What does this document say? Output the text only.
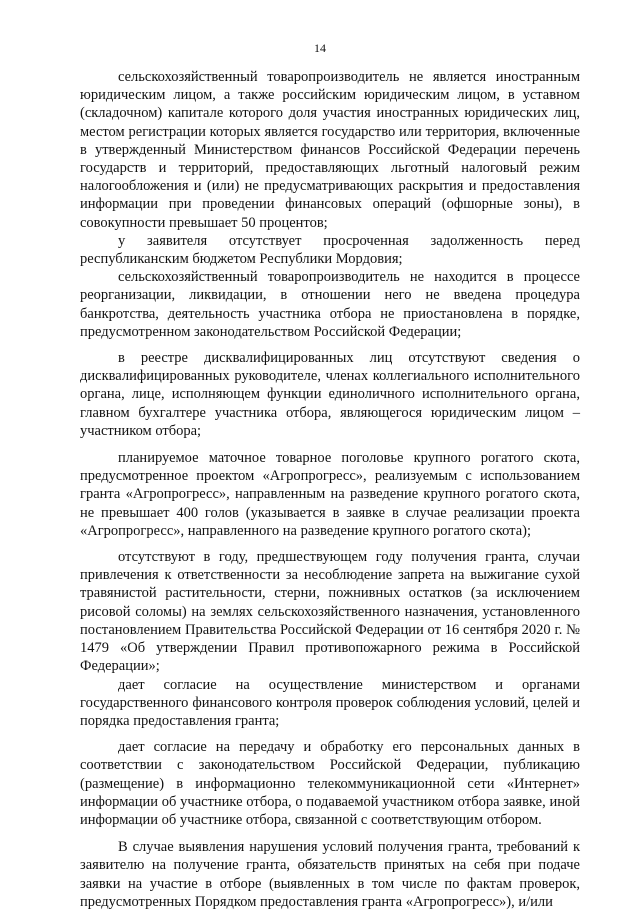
14

сельскохозяйственный товаропроизводитель не является иностранным юридическим лицом, а также российским юридическим лицом, в уставном (складочном) капитале которого доля участия иностранных юридических лиц, местом регистрации которых является государство или территория, включенные в утвержденный Министерством финансов Российской Федерации перечень государств и территорий, предоставляющих льготный налоговый режим налогообложения и (или) не предусматривающих раскрытия и предоставления информации при проведении финансовых операций (офшорные зоны), в совокупности превышает 50 процентов;

у заявителя отсутствует просроченная задолженность перед республиканским бюджетом Республики Мордовия;

сельскохозяйственный товаропроизводитель не находится в процессе реорганизации, ликвидации, в отношении него не введена процедура банкротства, деятельность участника отбора не приостановлена в порядке, предусмотренном законодательством Российской Федерации;

в реестре дисквалифицированных лиц отсутствуют сведения о дисквалифицированных руководителе, членах коллегиального исполнительного органа, лице, исполняющем функции единоличного исполнительного органа, главном бухгалтере участника отбора, являющегося юридическим лицом – участником отбора;

планируемое маточное товарное поголовье крупного рогатого скота, предусмотренное проектом «Агропрогресс», реализуемым с использованием гранта «Агропрогресс», направленным на разведение крупного рогатого скота, не превышает 400 голов (указывается в заявке в случае реализации проекта «Агропрогресс», направленного на разведение крупного рогатого скота);

отсутствуют в году, предшествующем году получения гранта, случаи привлечения к ответственности за несоблюдение запрета на выжигание сухой травянистой растительности, стерни, пожнивных остатков (за исключением рисовой соломы) на землях сельскохозяйственного назначения, установленного постановлением Правительства Российской Федерации от 16 сентября 2020 г. № 1479 «Об утверждении Правил противопожарного режима в Российской Федерации»;

дает согласие на осуществление министерством и органами государственного финансового контроля проверок соблюдения условий, целей и порядка предоставления гранта;

дает согласие на передачу и обработку его персональных данных в соответствии с законодательством Российской Федерации, публикацию (размещение) в информационно телекоммуникационной сети «Интернет» информации об участнике отбора, о подаваемой участником отбора заявке, иной информации об участнике отбора, связанной с соответствующим отбором.

В случае выявления нарушения условий получения гранта, требований к заявителю на получение гранта, обязательств принятых на себя при подаче заявки на участие в отборе (выявленных в том числе по фактам проверок, предусмотренных Порядком предоставления гранта «Агропрогресс»), и/или
